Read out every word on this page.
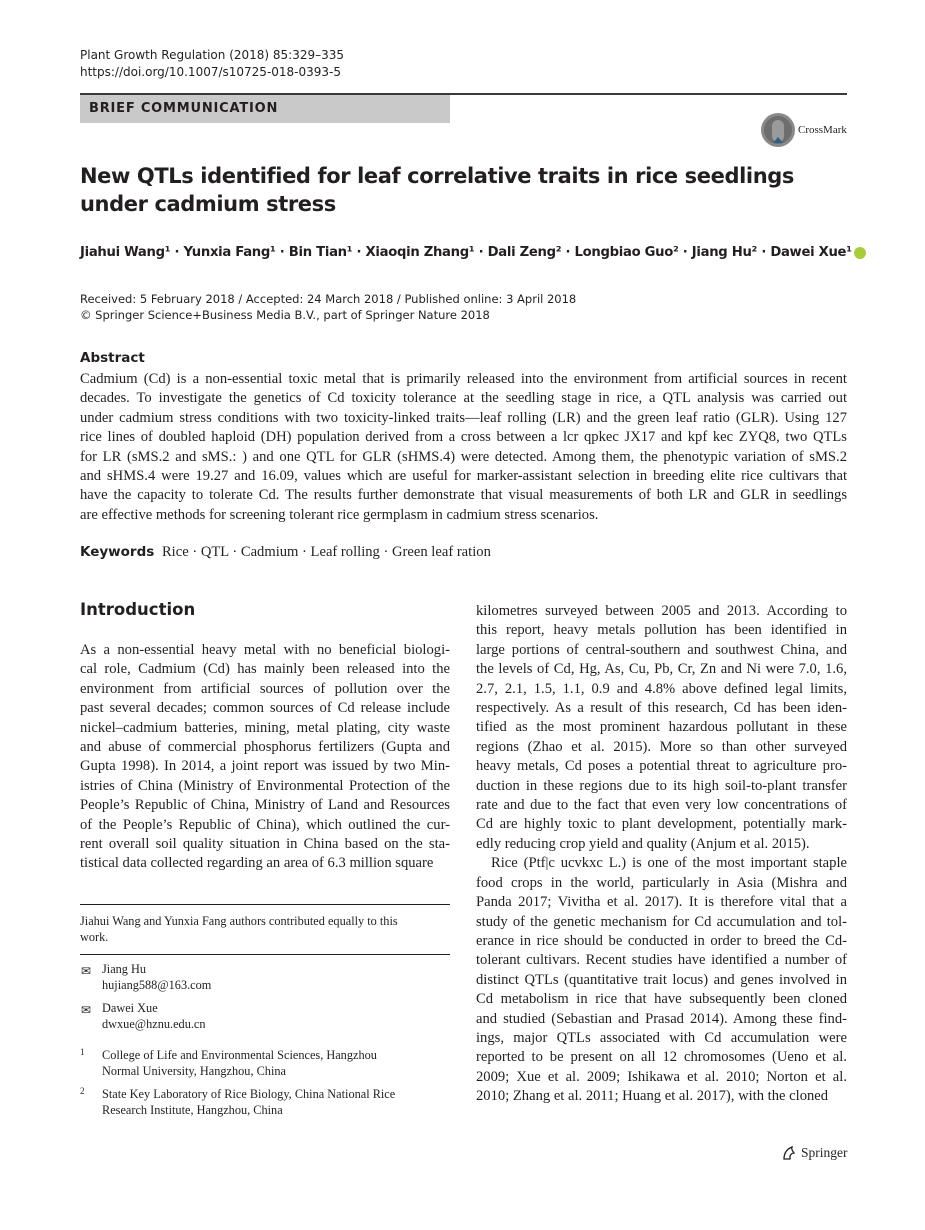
Plant Growth Regulation (2018) 85:329–335
https://doi.org/10.1007/s10725-018-0393-5
BRIEF COMMUNICATION
CrossMark
New QTLs identified for leaf correlative traits in rice seedlings
under cadmium stress
Jiahui Wang¹ · Yunxia Fang¹ · Bin Tian¹ · Xiaoqin Zhang¹ · Dali Zeng² · Longbiao Guo² · Jiang Hu² · Dawei Xue¹
Received: 5 February 2018 / Accepted: 24 March 2018 / Published online: 3 April 2018
© Springer Science+Business Media B.V., part of Springer Nature 2018
Abstract
Cadmium (Cd) is a non-essential toxic metal that is primarily released into the environment from artificial sources in recent
decades. To investigate the genetics of Cd toxicity tolerance at the seedling stage in rice, a QTL analysis was carried out
under cadmium stress conditions with two toxicity-linked traits—leaf rolling (LR) and the green leaf ratio (GLR). Using 127
rice lines of doubled haploid (DH) population derived from a cross between a lcr qpkec JX17 and kpf kec ZYQ8, two QTLs
for LR (sMS.2 and sMS.: ) and one QTL for GLR (sHMS.4) were detected. Among them, the phenotypic variation of sMS.2
and sHMS.4 were 19.27 and 16.09, values which are useful for marker-assistant selection in breeding elite rice cultivars that
have the capacity to tolerate Cd. The results further demonstrate that visual measurements of both LR and GLR in seedlings
are effective methods for screening tolerant rice germplasm in cadmium stress scenarios.
Keywords Rice · QTL · Cadmium · Leaf rolling · Green leaf ration
Introduction
As a non-essential heavy metal with no beneficial biologi-
cal role, Cadmium (Cd) has mainly been released into the
environment from artificial sources of pollution over the
past several decades; common sources of Cd release include
nickel–cadmium batteries, mining, metal plating, city waste
and abuse of commercial phosphorus fertilizers (Gupta and
Gupta 1998). In 2014, a joint report was issued by two Min-
istries of China (Ministry of Environmental Protection of the
People’s Republic of China, Ministry of Land and Resources
of the People’s Republic of China), which outlined the cur-
rent overall soil quality situation in China based on the sta-
tistical data collected regarding an area of 6.3 million square
kilometres surveyed between 2005 and 2013. According to
this report, heavy metals pollution has been identified in
large portions of central-southern and southwest China, and
the levels of Cd, Hg, As, Cu, Pb, Cr, Zn and Ni were 7.0, 1.6,
2.7, 2.1, 1.5, 1.1, 0.9 and 4.8% above defined legal limits,
respectively. As a result of this research, Cd has been iden-
tified as the most prominent hazardous pollutant in these
regions (Zhao et al. 2015). More so than other surveyed
heavy metals, Cd poses a potential threat to agriculture pro-
duction in these regions due to its high soil-to-plant transfer
rate and due to the fact that even very low concentrations of
Cd are highly toxic to plant development, potentially mark-
edly reducing crop yield and quality (Anjum et al. 2015).
Rice (Ptf|c ucvkxc L.) is one of the most important staple
food crops in the world, particularly in Asia (Mishra and
Panda 2017; Vivitha et al. 2017). It is therefore vital that a
study of the genetic mechanism for Cd accumulation and tol-
erance in rice should be conducted in order to breed the Cd-
tolerant cultivars. Recent studies have identified a number of
distinct QTLs (quantitative trait locus) and genes involved in
Cd metabolism in rice that have subsequently been cloned
and studied (Sebastian and Prasad 2014). Among these find-
ings, major QTLs associated with Cd accumulation were
reported to be present on all 12 chromosomes (Ueno et al.
2009; Xue et al. 2009; Ishikawa et al. 2010; Norton et al.
2010; Zhang et al. 2011; Huang et al. 2017), with the cloned
Jiahui Wang and Yunxia Fang authors contributed equally to this
work.
✉ Jiang Hu
hujiang588@163.com
✉ Dawei Xue
dwxue@hznu.edu.cn
1 College of Life and Environmental Sciences, Hangzhou
Normal University, Hangzhou, China
2 State Key Laboratory of Rice Biology, China National Rice
Research Institute, Hangzhou, China
Springer
